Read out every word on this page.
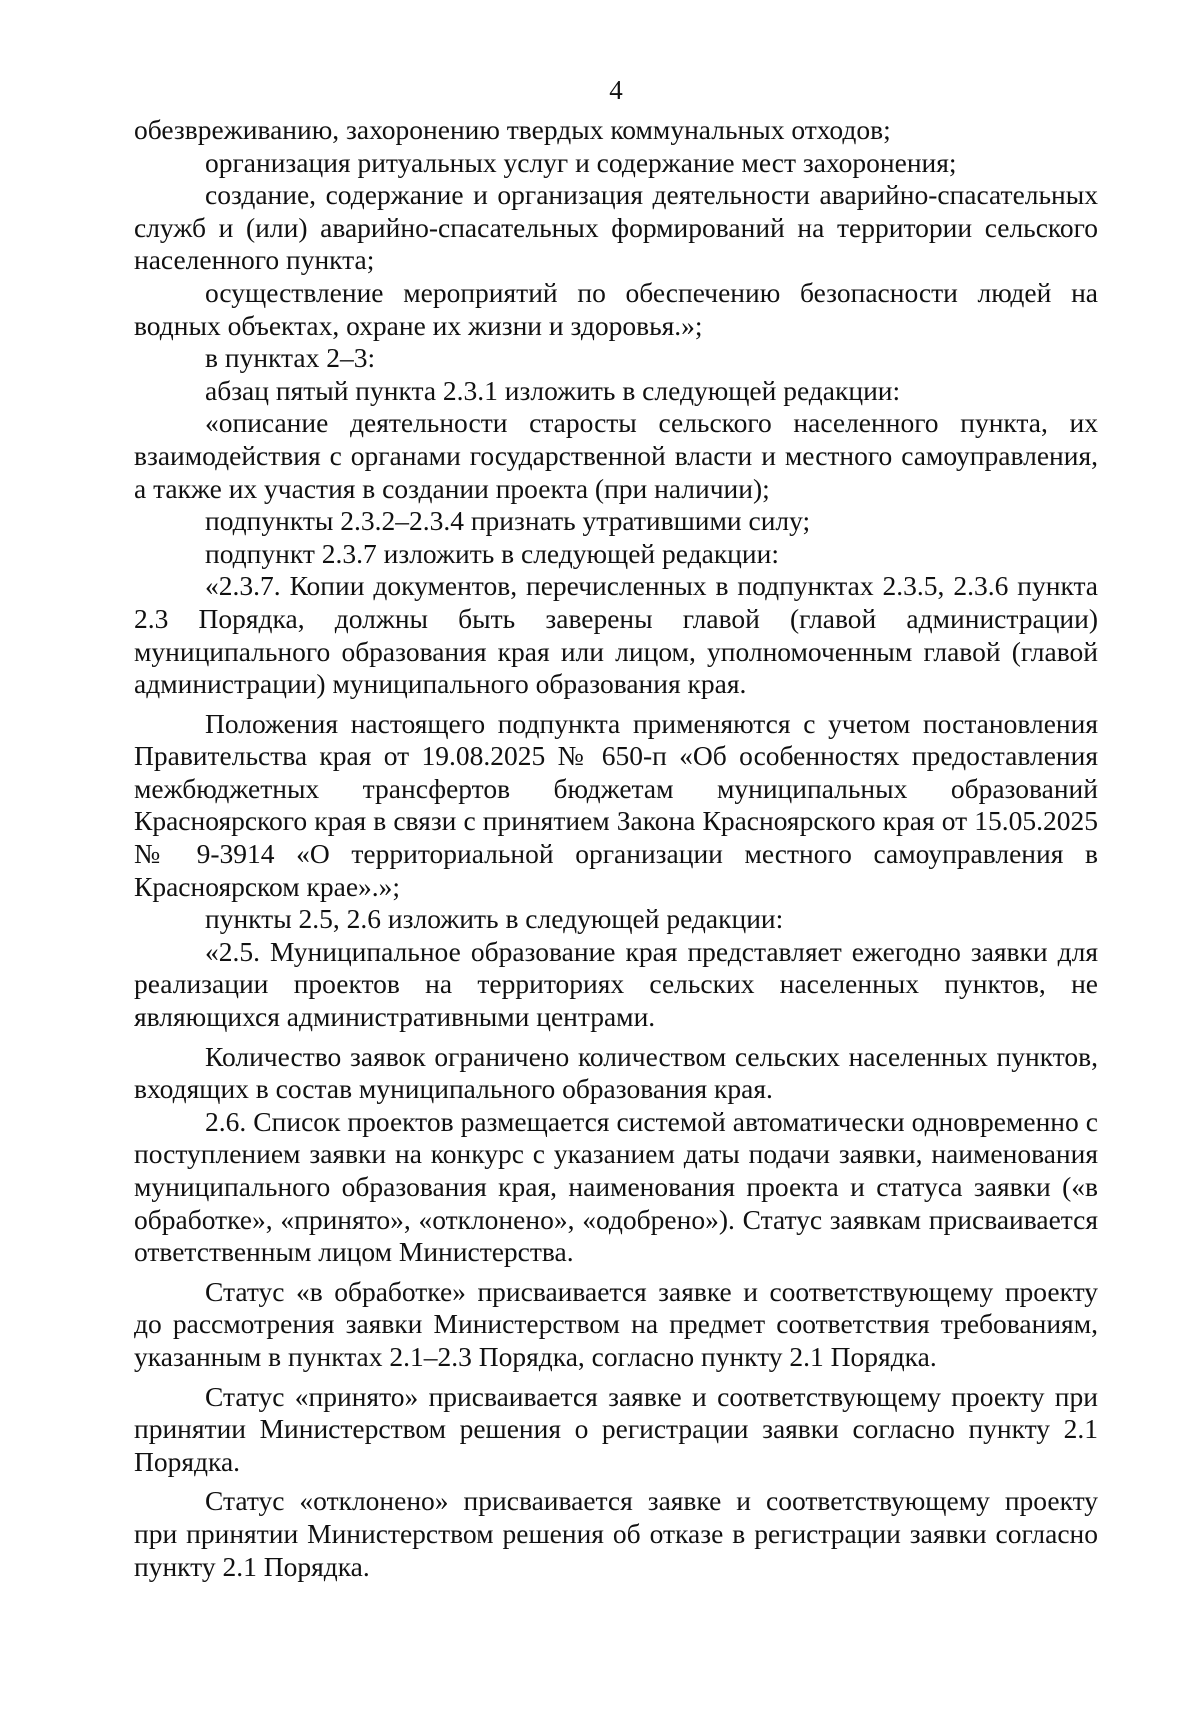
4

обезвреживанию, захоронению твердых коммунальных отходов;

организация ритуальных услуг и содержание мест захоронения;

создание, содержание и организация деятельности аварийно-спасательных служб и (или) аварийно-спасательных формирований на территории сельского населенного пункта;

осуществление мероприятий по обеспечению безопасности людей на водных объектах, охране их жизни и здоровья.»;

в пунктах 2–3:

абзац пятый пункта 2.3.1 изложить в следующей редакции:

«описание деятельности старосты сельского населенного пункта, их взаимодействия с органами государственной власти и местного самоуправления, а также их участия в создании проекта (при наличии);

подпункты 2.3.2–2.3.4 признать утратившими силу;

подпункт 2.3.7 изложить в следующей редакции:

«2.3.7. Копии документов, перечисленных в подпунктах 2.3.5, 2.3.6 пункта 2.3 Порядка, должны быть заверены главой (главой администрации) муниципального образования края или лицом, уполномоченным главой (главой администрации) муниципального образования края.

Положения настоящего подпункта применяются с учетом постановления Правительства края от 19.08.2025 № 650-п «Об особенностях предоставления межбюджетных трансфертов бюджетам муниципальных образований Красноярского края в связи с принятием Закона Красноярского края от 15.05.2025 № 9-3914 «О территориальной организации местного самоуправления в Красноярском крае».»;

пункты 2.5, 2.6 изложить в следующей редакции:

«2.5. Муниципальное образование края представляет ежегодно заявки для реализации проектов на территориях сельских населенных пунктов, не являющихся административными центрами.

Количество заявок ограничено количеством сельских населенных пунктов, входящих в состав муниципального образования края.

2.6. Список проектов размещается системой автоматически одновременно с поступлением заявки на конкурс с указанием даты подачи заявки, наименования муниципального образования края, наименования проекта и статуса заявки («в обработке», «принято», «отклонено», «одобрено»). Статус заявкам присваивается ответственным лицом Министерства.

Статус «в обработке» присваивается заявке и соответствующему проекту до рассмотрения заявки Министерством на предмет соответствия требованиям, указанным в пунктах 2.1–2.3 Порядка, согласно пункту 2.1 Порядка.

Статус «принято» присваивается заявке и соответствующему проекту при принятии Министерством решения о регистрации заявки согласно пункту 2.1 Порядка.

Статус «отклонено» присваивается заявке и соответствующему проекту при принятии Министерством решения об отказе в регистрации заявки согласно пункту 2.1 Порядка.
